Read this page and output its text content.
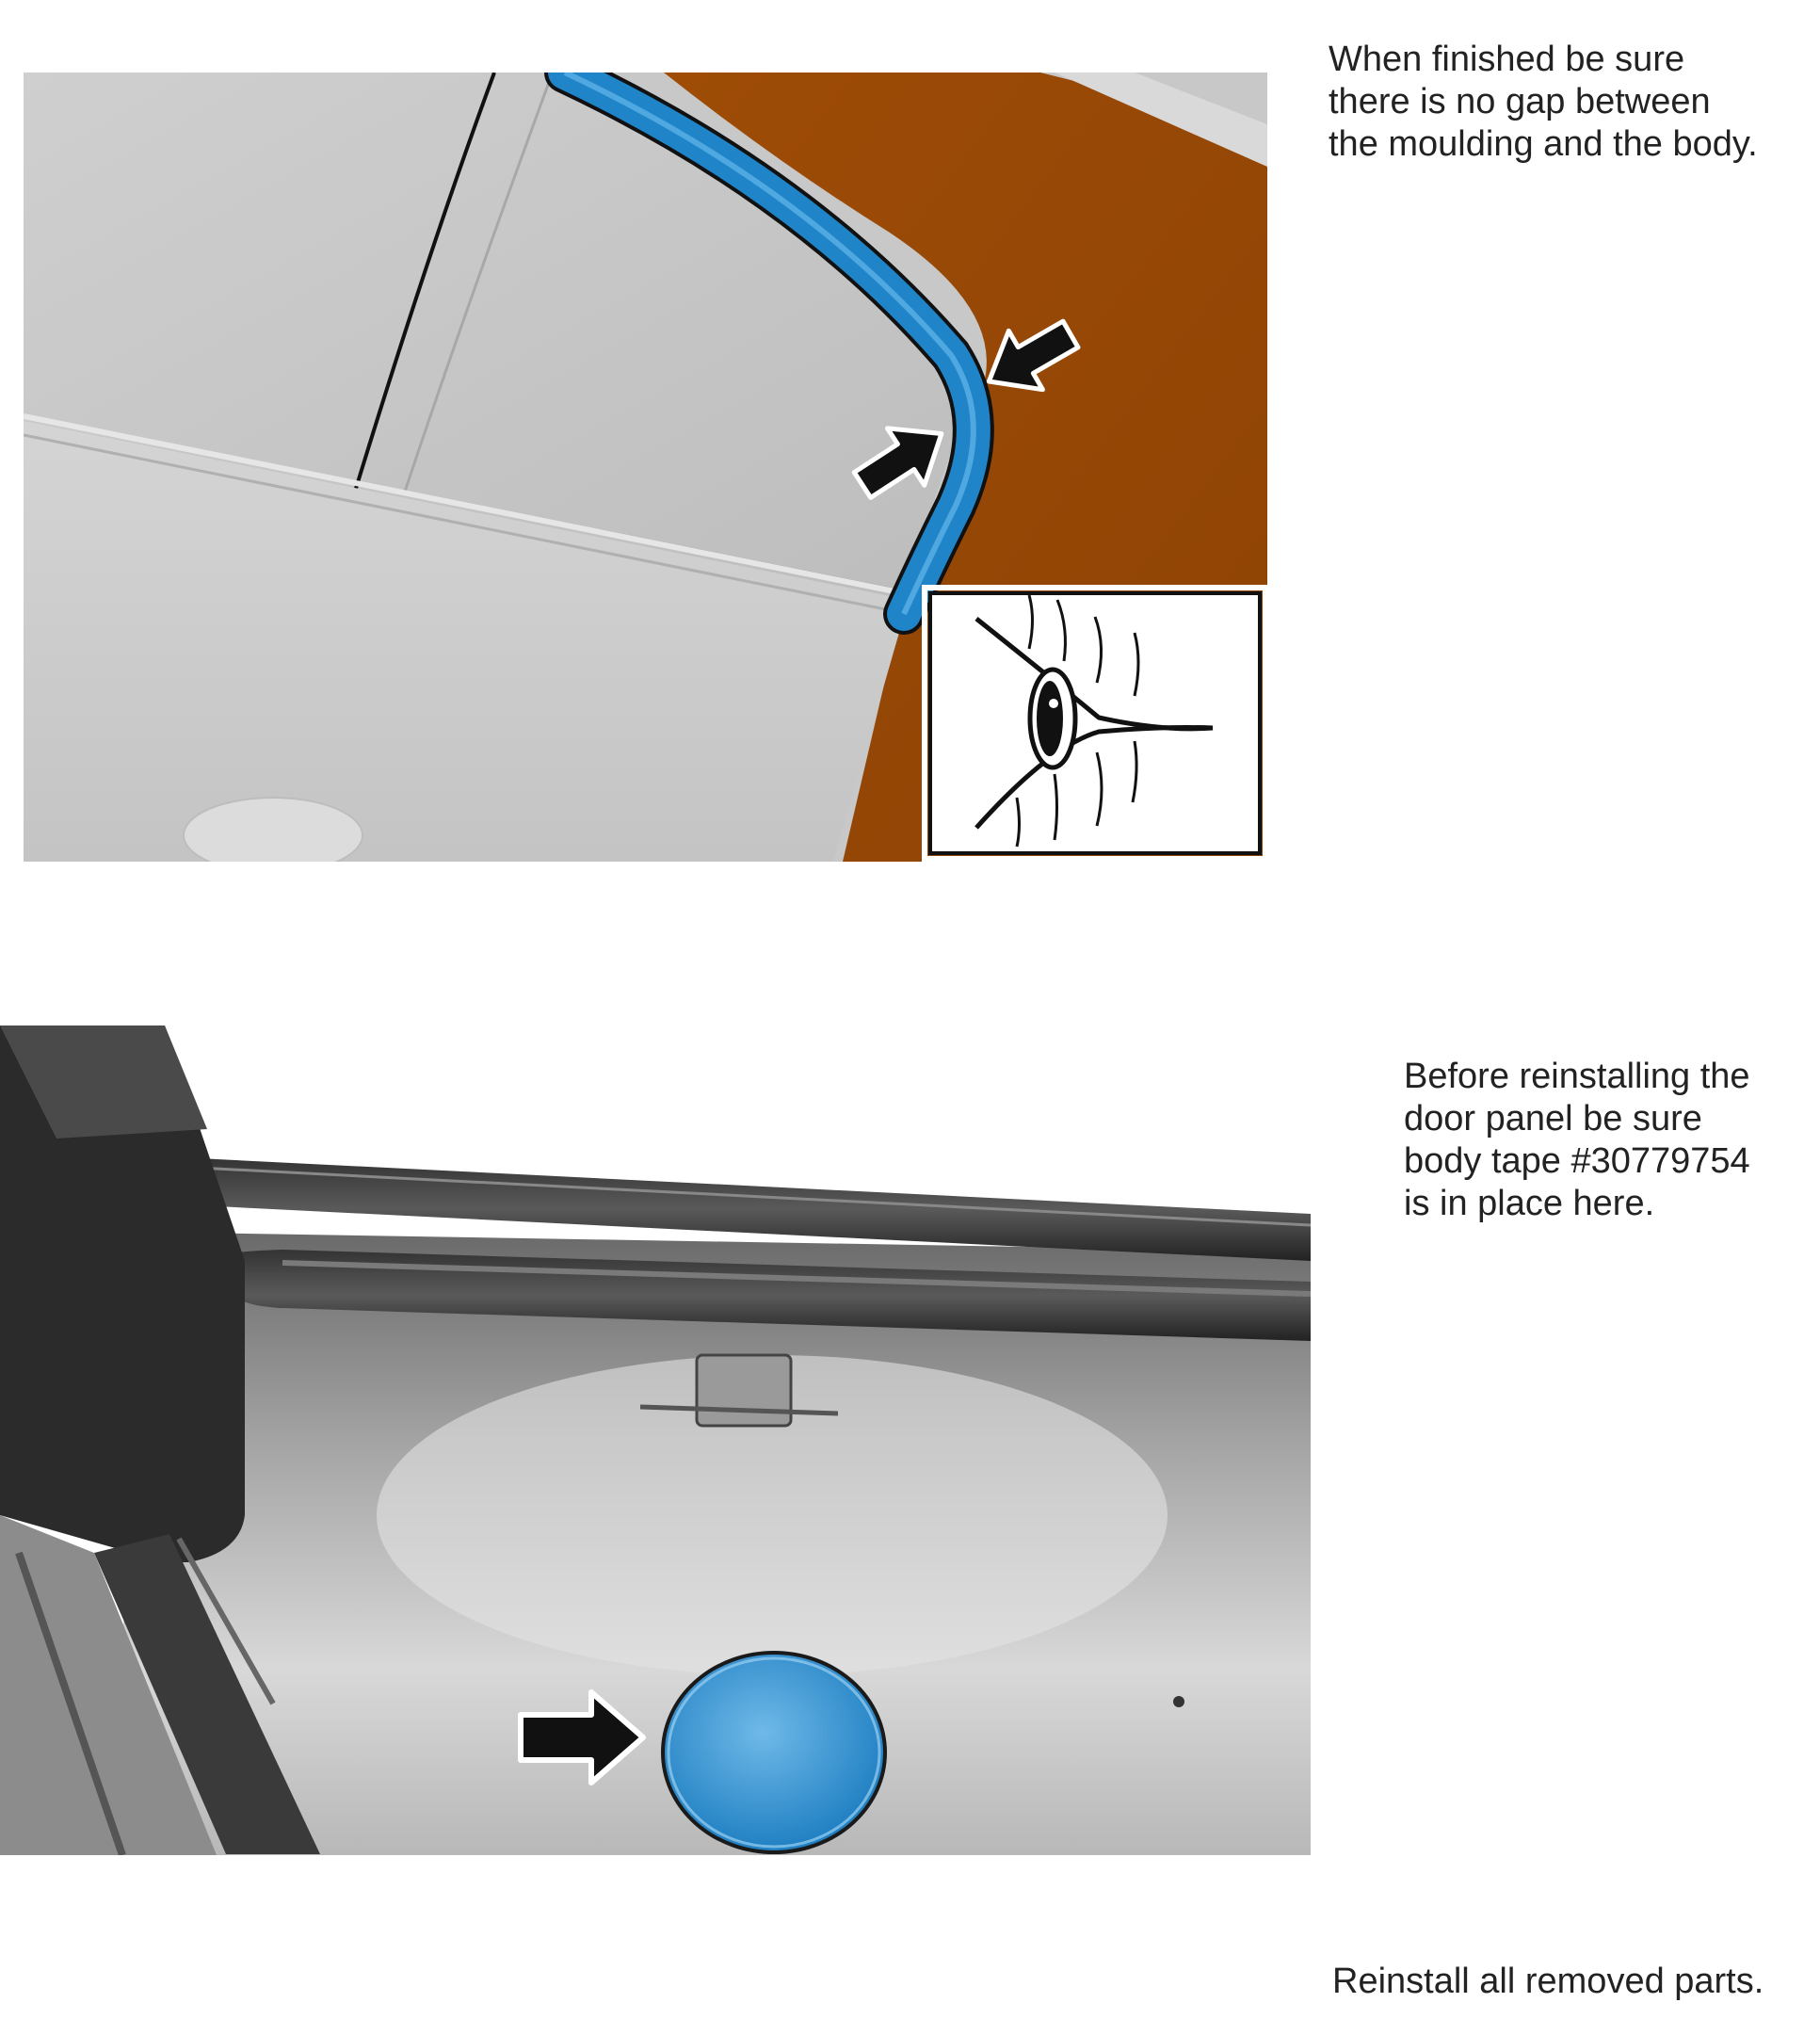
When finished be sure
there is no gap between
the moulding and the body.

Before reinstalling the
door panel be sure
body tape #30779754
is in place here.

Reinstall all removed parts.
